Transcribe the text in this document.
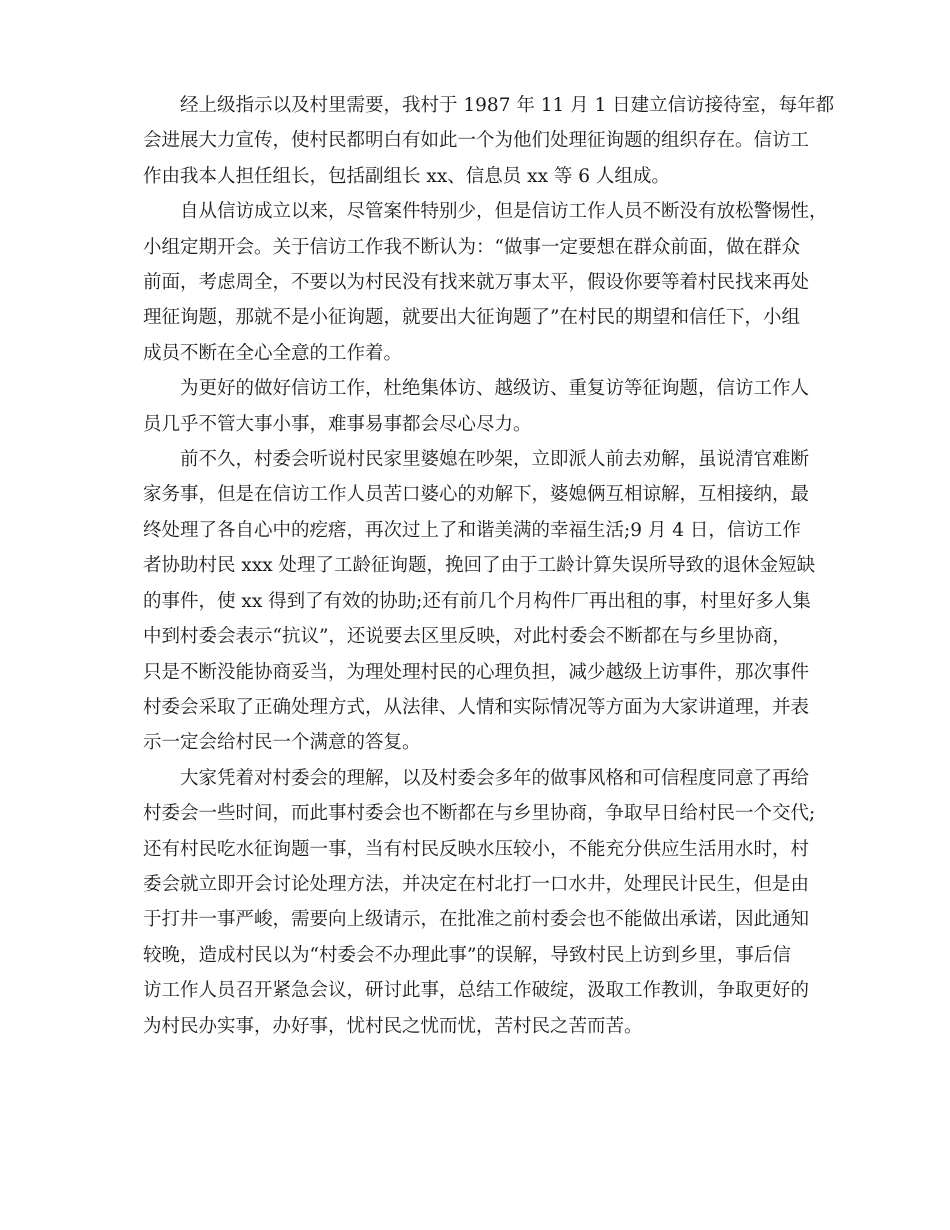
经上级指示以及村里需要，我村于 1987 年 11 月 1 日建立信访接待室，每年都
会进展大力宣传，使村民都明白有如此一个为他们处理征询题的组织存在。信访工
作由我本人担任组长，包括副组长 xx、信息员 xx 等 6 人组成。

自从信访成立以来，尽管案件特别少，但是信访工作人员不断没有放松警惕性，
小组定期开会。关于信访工作我不断认为：“做事一定要想在群众前面，做在群众
前面，考虑周全，不要以为村民没有找来就万事太平，假设你要等着村民找来再处
理征询题，那就不是小征询题，就要出大征询题了”在村民的期望和信任下，小组
成员不断在全心全意的工作着。

为更好的做好信访工作，杜绝集体访、越级访、重复访等征询题，信访工作人
员几乎不管大事小事，难事易事都会尽心尽力。

前不久，村委会听说村民家里婆媳在吵架，立即派人前去劝解，虽说清官难断
家务事，但是在信访工作人员苦口婆心的劝解下，婆媳俩互相谅解，互相接纳，最
终处理了各自心中的疙瘩，再次过上了和谐美满的幸福生活;9 月 4 日，信访工作
者协助村民 xxx 处理了工龄征询题，挽回了由于工龄计算失误所导致的退休金短缺
的事件，使 xx 得到了有效的协助;还有前几个月构件厂再出租的事，村里好多人集
中到村委会表示“抗议”，还说要去区里反映，对此村委会不断都在与乡里协商，
只是不断没能协商妥当，为理处理村民的心理负担，减少越级上访事件，那次事件
村委会采取了正确处理方式，从法律、人情和实际情况等方面为大家讲道理，并表
示一定会给村民一个满意的答复。

大家凭着对村委会的理解，以及村委会多年的做事风格和可信程度同意了再给
村委会一些时间，而此事村委会也不断都在与乡里协商，争取早日给村民一个交代;
还有村民吃水征询题一事，当有村民反映水压较小，不能充分供应生活用水时，村
委会就立即开会讨论处理方法，并决定在村北打一口水井，处理民计民生，但是由
于打井一事严峻，需要向上级请示，在批准之前村委会也不能做出承诺，因此通知
较晚，造成村民以为“村委会不办理此事”的误解，导致村民上访到乡里，事后信
访工作人员召开紧急会议，研讨此事，总结工作破绽，汲取工作教训，争取更好的
为村民办实事，办好事，忧村民之忧而忧，苦村民之苦而苦。
